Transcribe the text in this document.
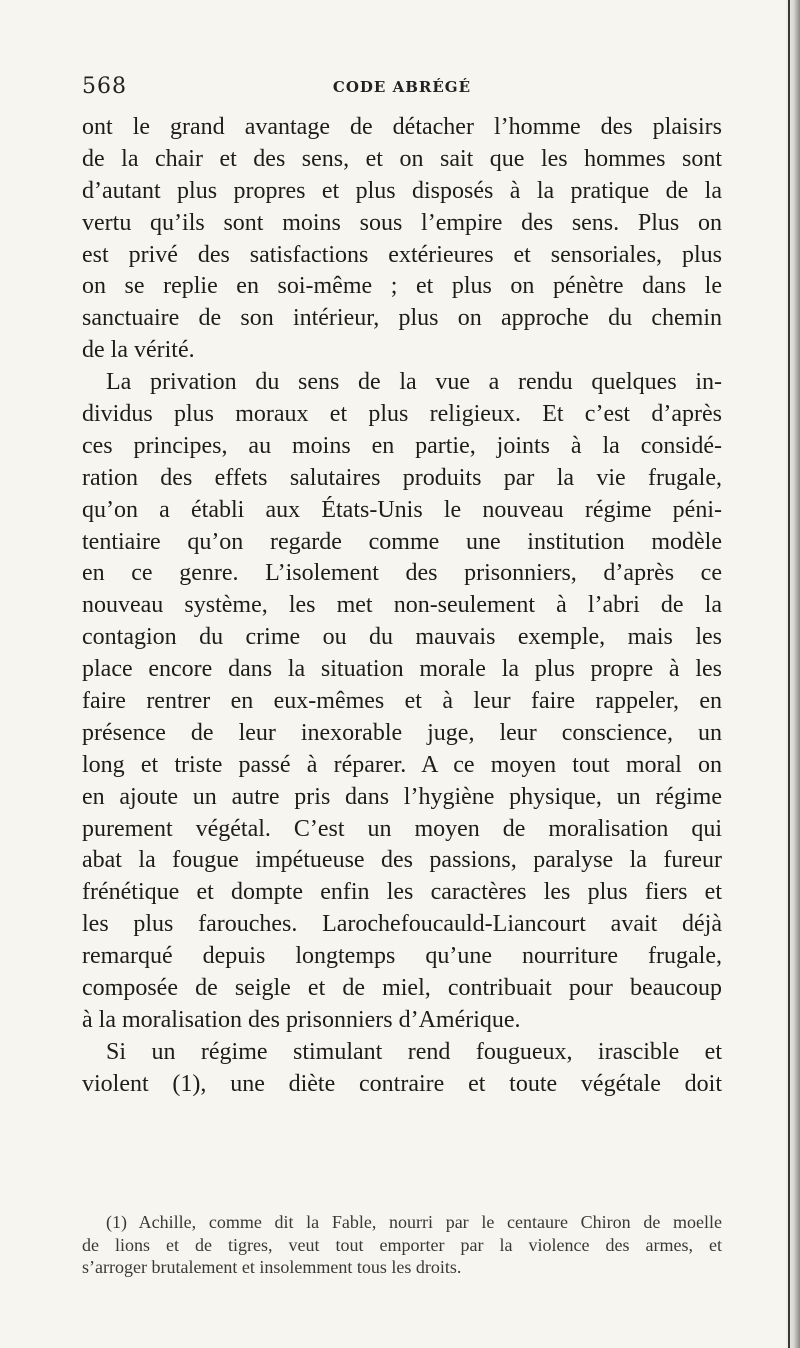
568	CODE ABRÉGÉ
ont le grand avantage de détacher l’homme des plaisirs
de la chair et des sens, et on sait que les hommes sont
d’autant plus propres et plus disposés à la pratique de la
vertu qu’ils sont moins sous l’empire des sens. Plus on
est privé des satisfactions extérieures et sensoriales, plus
on se replie en soi-même ; et plus on pénètre dans le
sanctuaire de son intérieur, plus on approche du chemin
de la vérité.
La privation du sens de la vue a rendu quelques in-
dividus plus moraux et plus religieux. Et c’est d’après
ces principes, au moins en partie, joints à la considé-
ration des effets salutaires produits par la vie frugale,
qu’on a établi aux États-Unis le nouveau régime péni-
tentiaire qu’on regarde comme une institution modèle
en ce genre. L’isolement des prisonniers, d’après ce
nouveau système, les met non-seulement à l’abri de la
contagion du crime ou du mauvais exemple, mais les
place encore dans la situation morale la plus propre à les
faire rentrer en eux-mêmes et à leur faire rappeler, en
présence de leur inexorable juge, leur conscience, un
long et triste passé à réparer. A ce moyen tout moral on
en ajoute un autre pris dans l’hygiène physique, un régime
purement végétal. C’est un moyen de moralisation qui
abat la fougue impétueuse des passions, paralyse la fureur
frénétique et dompte enfin les caractères les plus fiers et
les plus farouches. Larochefoucauld-Liancourt avait déjà
remarqué depuis longtemps qu’une nourriture frugale,
composée de seigle et de miel, contribuait pour beaucoup
à la moralisation des prisonniers d’Amérique.
Si un régime stimulant rend fougueux, irascible et
violent (1), une diète contraire et toute végétale doit
(1) Achille, comme dit la Fable, nourri par le centaure Chiron de moelle
de lions et de tigres, veut tout emporter par la violence des armes, et
s’arroger brutalement et insolemment tous les droits.
